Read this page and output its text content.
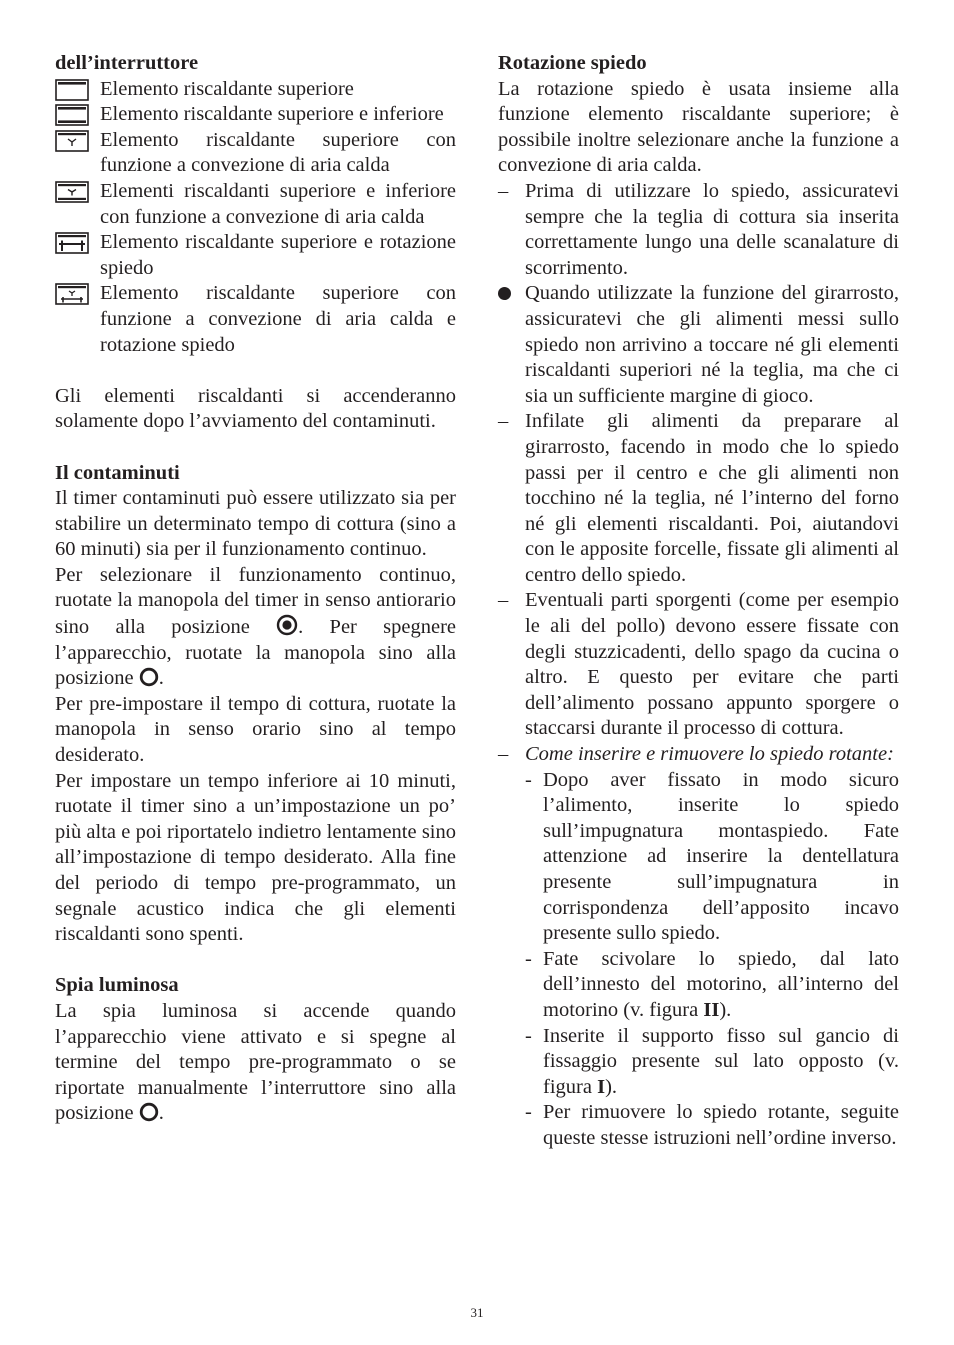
dell’interruttore
Elemento riscaldante superiore
Elemento riscaldante superiore e inferiore
Elemento riscaldante superiore con funzione a convezione di aria calda
Elementi riscaldanti superiore e inferiore con funzione a convezione di aria calda
Elemento riscaldante superiore e rotazione spiedo
Elemento riscaldante superiore con funzione a convezione di aria calda e rotazione spiedo

Gli elementi riscaldanti si accenderanno solamente dopo l’avviamento del contaminuti.

Il contaminuti

Il timer contaminuti può essere utilizzato sia per stabilire un determinato tempo di cottura (sino a 60 minuti) sia per il funzionamento continuo.

Per selezionare il funzionamento continuo, ruotate la manopola del timer in senso antiorario sino alla posizione . Per spegnere l’apparecchio, ruotate la manopola sino alla posizione .

Per pre-impostare il tempo di cottura, ruotate la manopola in senso orario sino al tempo desiderato.

Per impostare un tempo inferiore ai 10 minuti, ruotate il timer sino a un’impostazione un po’ più alta e poi riportatelo indietro lentamente sino all’impostazione di tempo desiderato. Alla fine del periodo di tempo pre-programmato, un segnale acustico indica che gli elementi riscaldanti sono spenti.

Spia luminosa

La spia luminosa si accende quando l’apparecchio viene attivato e si spegne al termine del tempo pre-programmato o se riportate manualmente l’interruttore sino alla posizione .

Rotazione spiedo

La rotazione spiedo è usata insieme alla funzione elemento riscaldante superiore; è possibile inoltre selezionare anche la funzione a convezione di aria calda.

– Prima di utilizzare lo spiedo, assicuratevi sempre che la teglia di cottura sia inserita correttamente lungo una delle scanalature di scorrimento.
Quando utilizzate la funzione del girarrosto, assicuratevi che gli alimenti messi sullo spiedo non arrivino a toccare né gli elementi riscaldanti superiori né la teglia, ma che ci sia un sufficiente margine di gioco.
– Infilate gli alimenti da preparare al girarrosto, facendo in modo che lo spiedo passi per il centro e che gli alimenti non tocchino né la teglia, né l’interno del forno né gli elementi riscaldanti. Poi, aiutandovi con le apposite forcelle, fissate gli alimenti al centro dello spiedo.
– Eventuali parti sporgenti (come per esempio le ali del pollo) devono essere fissate con degli stuzzicadenti, dello spago da cucina o altro. E questo per evitare che parti dell’alimento possano appunto sporgere o staccarsi durante il processo di cottura.
– Come inserire e rimuovere lo spiedo rotante:
- Dopo aver fissato in modo sicuro l’alimento, inserite lo spiedo sull’impugnatura montaspiedo. Fate attenzione ad inserire la dentellatura presente sull’impugnatura in corrispondenza dell’apposito incavo presente sullo spiedo.
- Fate scivolare lo spiedo, dal lato dell’innesto del motorino, all’interno del motorino (v. figura II).
- Inserite il supporto fisso sul gancio di fissaggio presente sul lato opposto (v. figura I).
- Per rimuovere lo spiedo rotante, seguite queste stesse istruzioni nell’ordine inverso.
31
